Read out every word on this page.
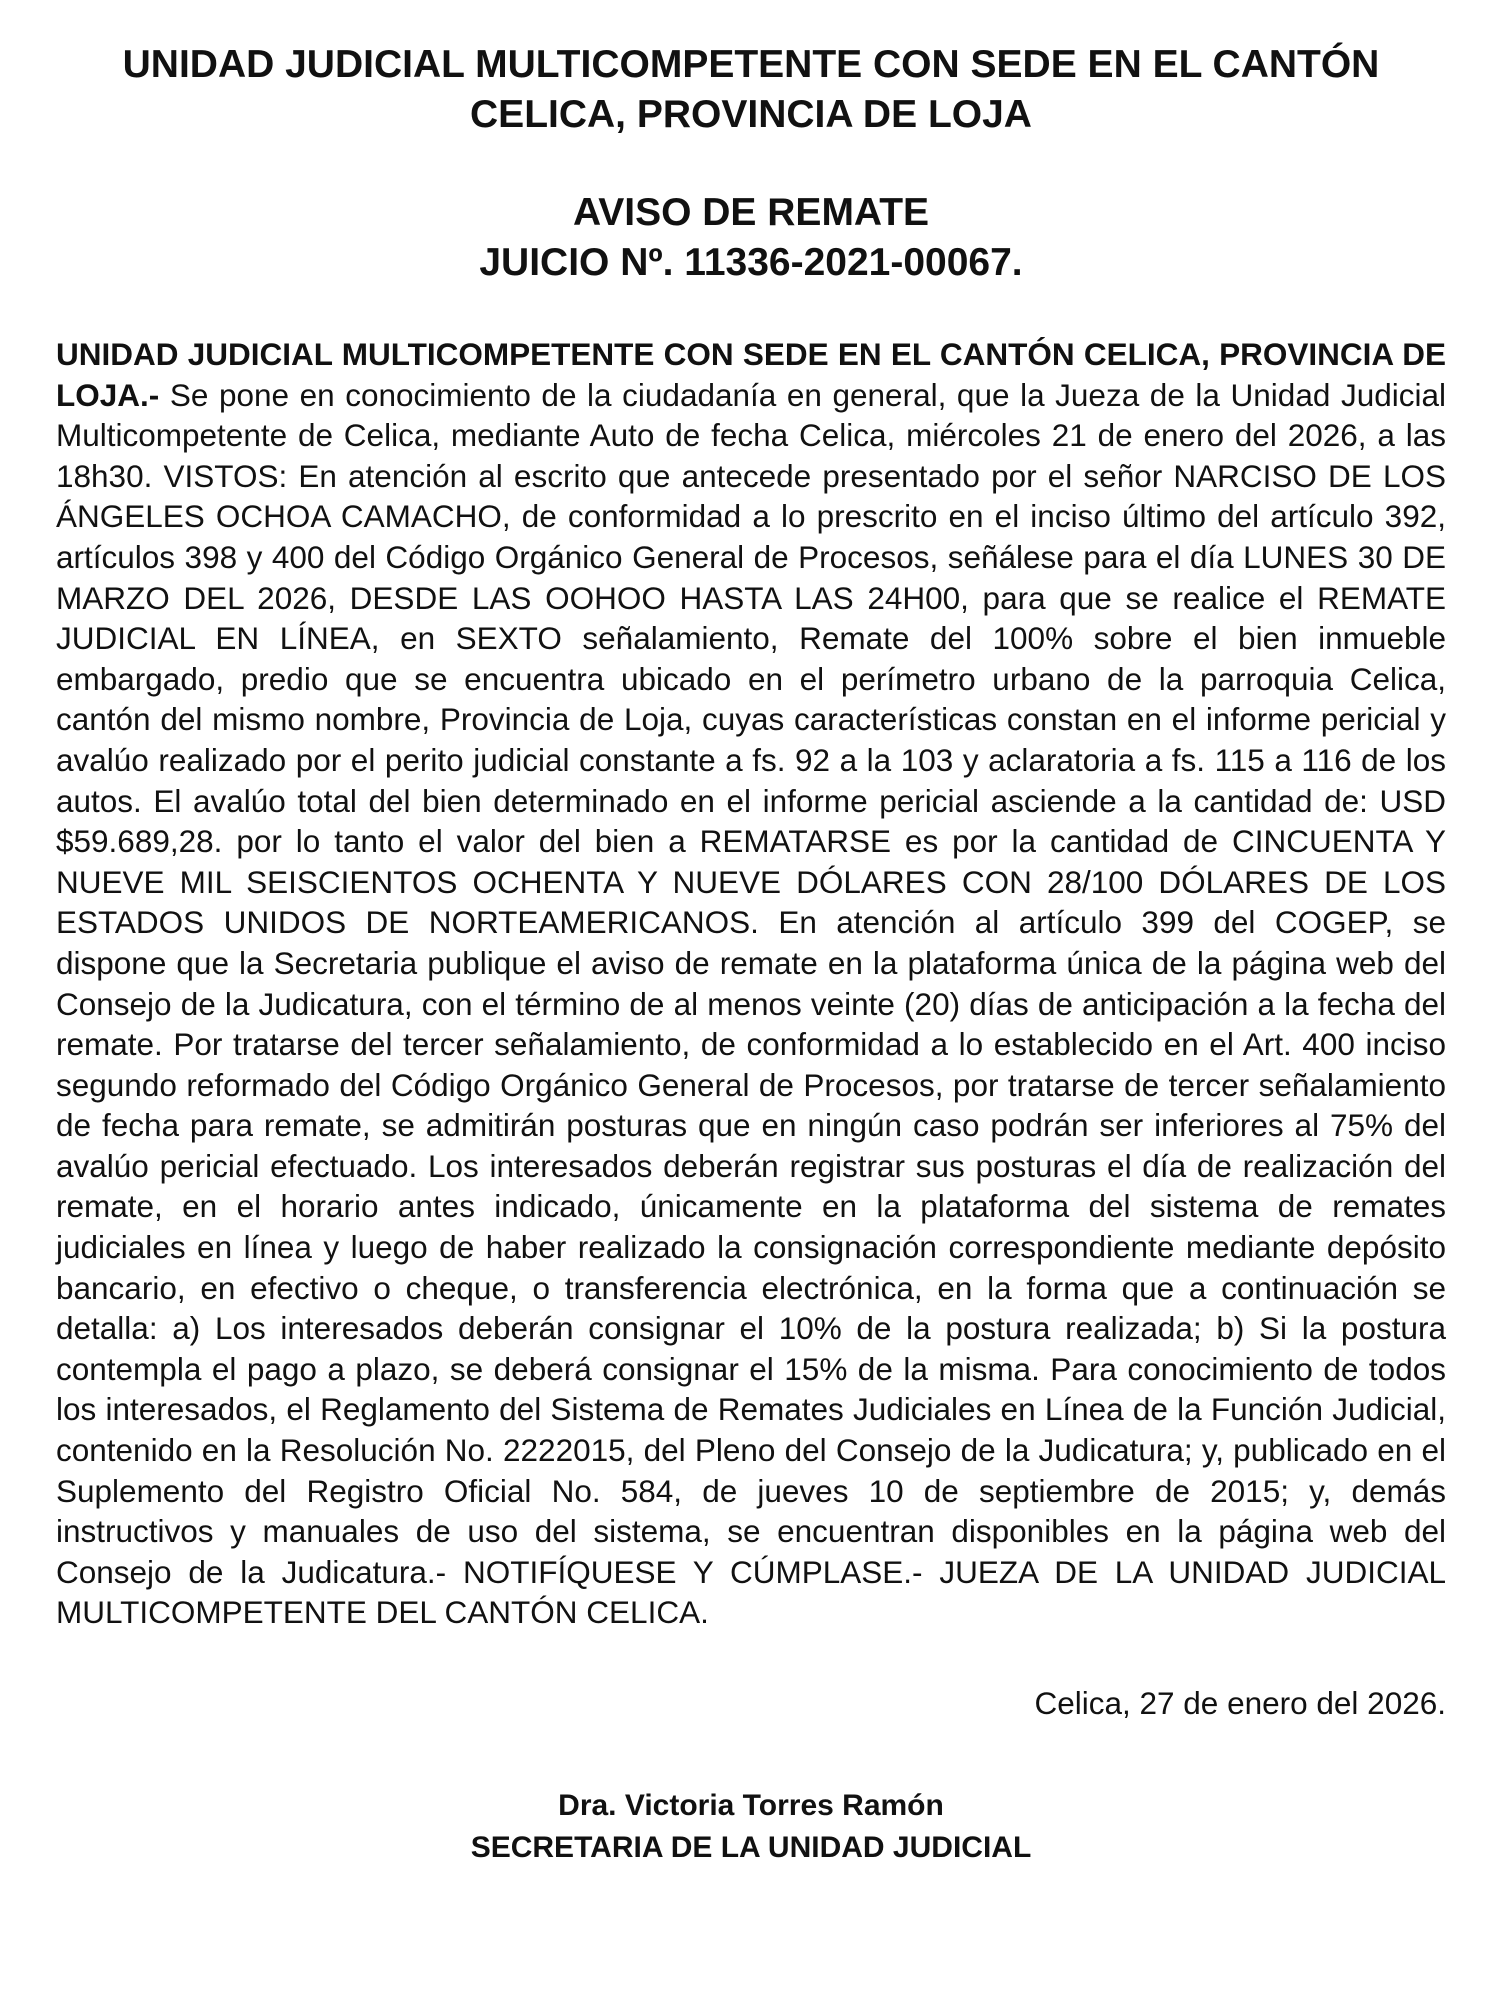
UNIDAD JUDICIAL MULTICOMPETENTE CON SEDE EN EL CANTÓN
CELICA, PROVINCIA DE LOJA
AVISO DE REMATE
JUICIO Nº. 11336-2021-00067.

UNIDAD JUDICIAL MULTICOMPETENTE CON SEDE EN EL CANTÓN CELICA, PROVINCIA DE LOJA.- Se pone en conocimiento de la ciudadanía en general, que la Jueza de la Unidad Judicial Multicompetente de Celica, mediante Auto de fecha Celica, miércoles 21 de enero del 2026, a las 18h30. VISTOS: En atención al escrito que antecede presentado por el señor NARCISO DE LOS ÁNGELES OCHOA CAMACHO, de conformidad a lo prescrito en el inciso último del artículo 392, artículos 398 y 400 del Código Orgánico General de Procesos, señálese para el día LUNES 30 DE MARZO DEL 2026, DESDE LAS OOHOO HASTA LAS 24H00, para que se realice el REMATE JUDICIAL EN LÍNEA, en SEXTO señalamiento, Remate del 100% sobre el bien inmueble embargado, predio que se encuentra ubicado en el perímetro urbano de la parroquia Celica, cantón del mismo nombre, Provincia de Loja, cuyas características constan en el informe pericial y avalúo realizado por el perito judicial constante a fs. 92 a la 103 y aclaratoria a fs. 115 a 116 de los autos. El avalúo total del bien determinado en el informe pericial asciende a la cantidad de: USD $59.689,28. por lo tanto el valor del bien a REMATARSE es por la cantidad de CINCUENTA Y NUEVE MIL SEISCIENTOS OCHENTA Y NUEVE DÓLARES CON 28/100 DÓLARES DE LOS ESTADOS UNIDOS DE NORTEAMERICANOS. En atención al artículo 399 del COGEP, se dispone que la Secretaria publique el aviso de remate en la plataforma única de la página web del Consejo de la Judicatura, con el término de al menos veinte (20) días de anticipación a la fecha del remate. Por tratarse del tercer señalamiento, de conformidad a lo establecido en el Art. 400 inciso segundo reformado del Código Orgánico General de Procesos, por tratarse de tercer señalamiento de fecha para remate, se admitirán posturas que en ningún caso podrán ser inferiores al 75% del avalúo pericial efectuado. Los interesados deberán registrar sus posturas el día de realización del remate, en el horario antes indicado, únicamente en la plataforma del sistema de remates judiciales en línea y luego de haber realizado la consignación correspondiente mediante depósito bancario, en efectivo o cheque, o transferencia electrónica, en la forma que a continuación se detalla: a) Los interesados deberán consignar el 10% de la postura realizada; b) Si la postura contempla el pago a plazo, se deberá consignar el 15% de la misma. Para conocimiento de todos los interesados, el Reglamento del Sistema de Remates Judiciales en Línea de la Función Judicial, contenido en la Resolución No. 2222015, del Pleno del Consejo de la Judicatura; y, publicado en el Suplemento del Registro Oficial No. 584, de jueves 10 de septiembre de 2015; y, demás instructivos y manuales de uso del sistema, se encuentran disponibles en la página web del Consejo de la Judicatura.- NOTIFÍQUESE Y CÚMPLASE.- JUEZA DE LA UNIDAD JUDICIAL MULTICOMPETENTE DEL CANTÓN CELICA.

Celica, 27 de enero del 2026.
Dra. Victoria Torres Ramón
SECRETARIA DE LA UNIDAD JUDICIAL
